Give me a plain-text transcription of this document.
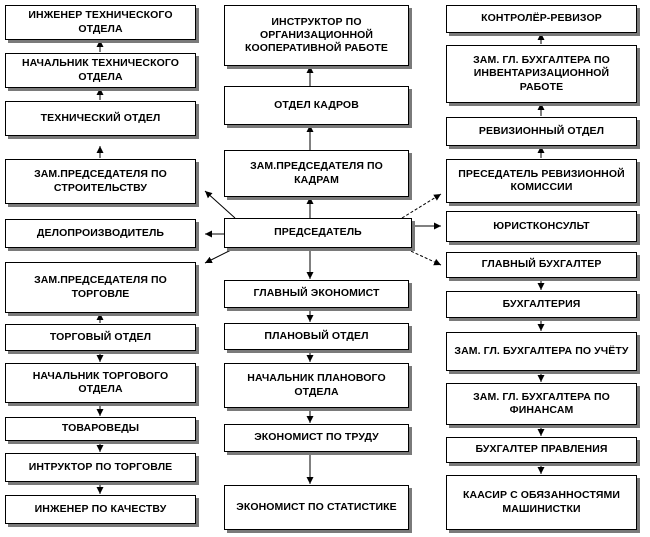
ИНЖЕНЕР ТЕХНИЧЕСКОГО ОТДЕЛА
НАЧАЛЬНИК ТЕХНИЧЕСКОГО ОТДЕЛА
ТЕХНИЧЕСКИЙ ОТДЕЛ
ЗАМ.ПРЕДСЕДАТЕЛЯ ПО СТРОИТЕЛЬСТВУ
ДЕЛОПРОИЗВОДИТЕЛЬ
ЗАМ.ПРЕДСЕДАТЕЛЯ ПО ТОРГОВЛЕ
ТОРГОВЫЙ ОТДЕЛ
НАЧАЛЬНИК ТОРГОВОГО ОТДЕЛА
ТОВАРОВЕДЫ
ИНТРУКТОР ПО ТОРГОВЛЕ
ИНЖЕНЕР ПО КАЧЕСТВУ
ИНСТРУКТОР ПО ОРГАНИЗАЦИОННОЙ КООПЕРАТИВНОЙ РАБОТЕ
ОТДЕЛ КАДРОВ
ЗАМ.ПРЕДСЕДАТЕЛЯ ПО КАДРАМ
ПРЕДСЕДАТЕЛЬ
ГЛАВНЫЙ ЭКОНОМИСТ
ПЛАНОВЫЙ ОТДЕЛ
НАЧАЛЬНИК ПЛАНОВОГО ОТДЕЛА
ЭКОНОМИСТ ПО ТРУДУ
ЭКОНОМИСТ ПО СТАТИСТИКЕ
КОНТРОЛЁР-РЕВИЗОР
ЗАМ. ГЛ. БУХГАЛТЕРА ПО ИНВЕНТАРИЗАЦИОННОЙ РАБОТЕ
РЕВИЗИОННЫЙ ОТДЕЛ
ПРЕСЕДАТЕЛЬ РЕВИЗИОННОЙ КОМИССИИ
ЮРИСТКОНСУЛЬТ
ГЛАВНЫЙ БУХГАЛТЕР
БУХГАЛТЕРИЯ
ЗАМ. ГЛ. БУХГАЛТЕРА ПО УЧЁТУ
ЗАМ. ГЛ. БУХГАЛТЕРА ПО ФИНАНСАМ
БУХГАЛТЕР ПРАВЛЕНИЯ
КААСИР С ОБЯЗАННОСТЯМИ МАШИНИСТКИ
